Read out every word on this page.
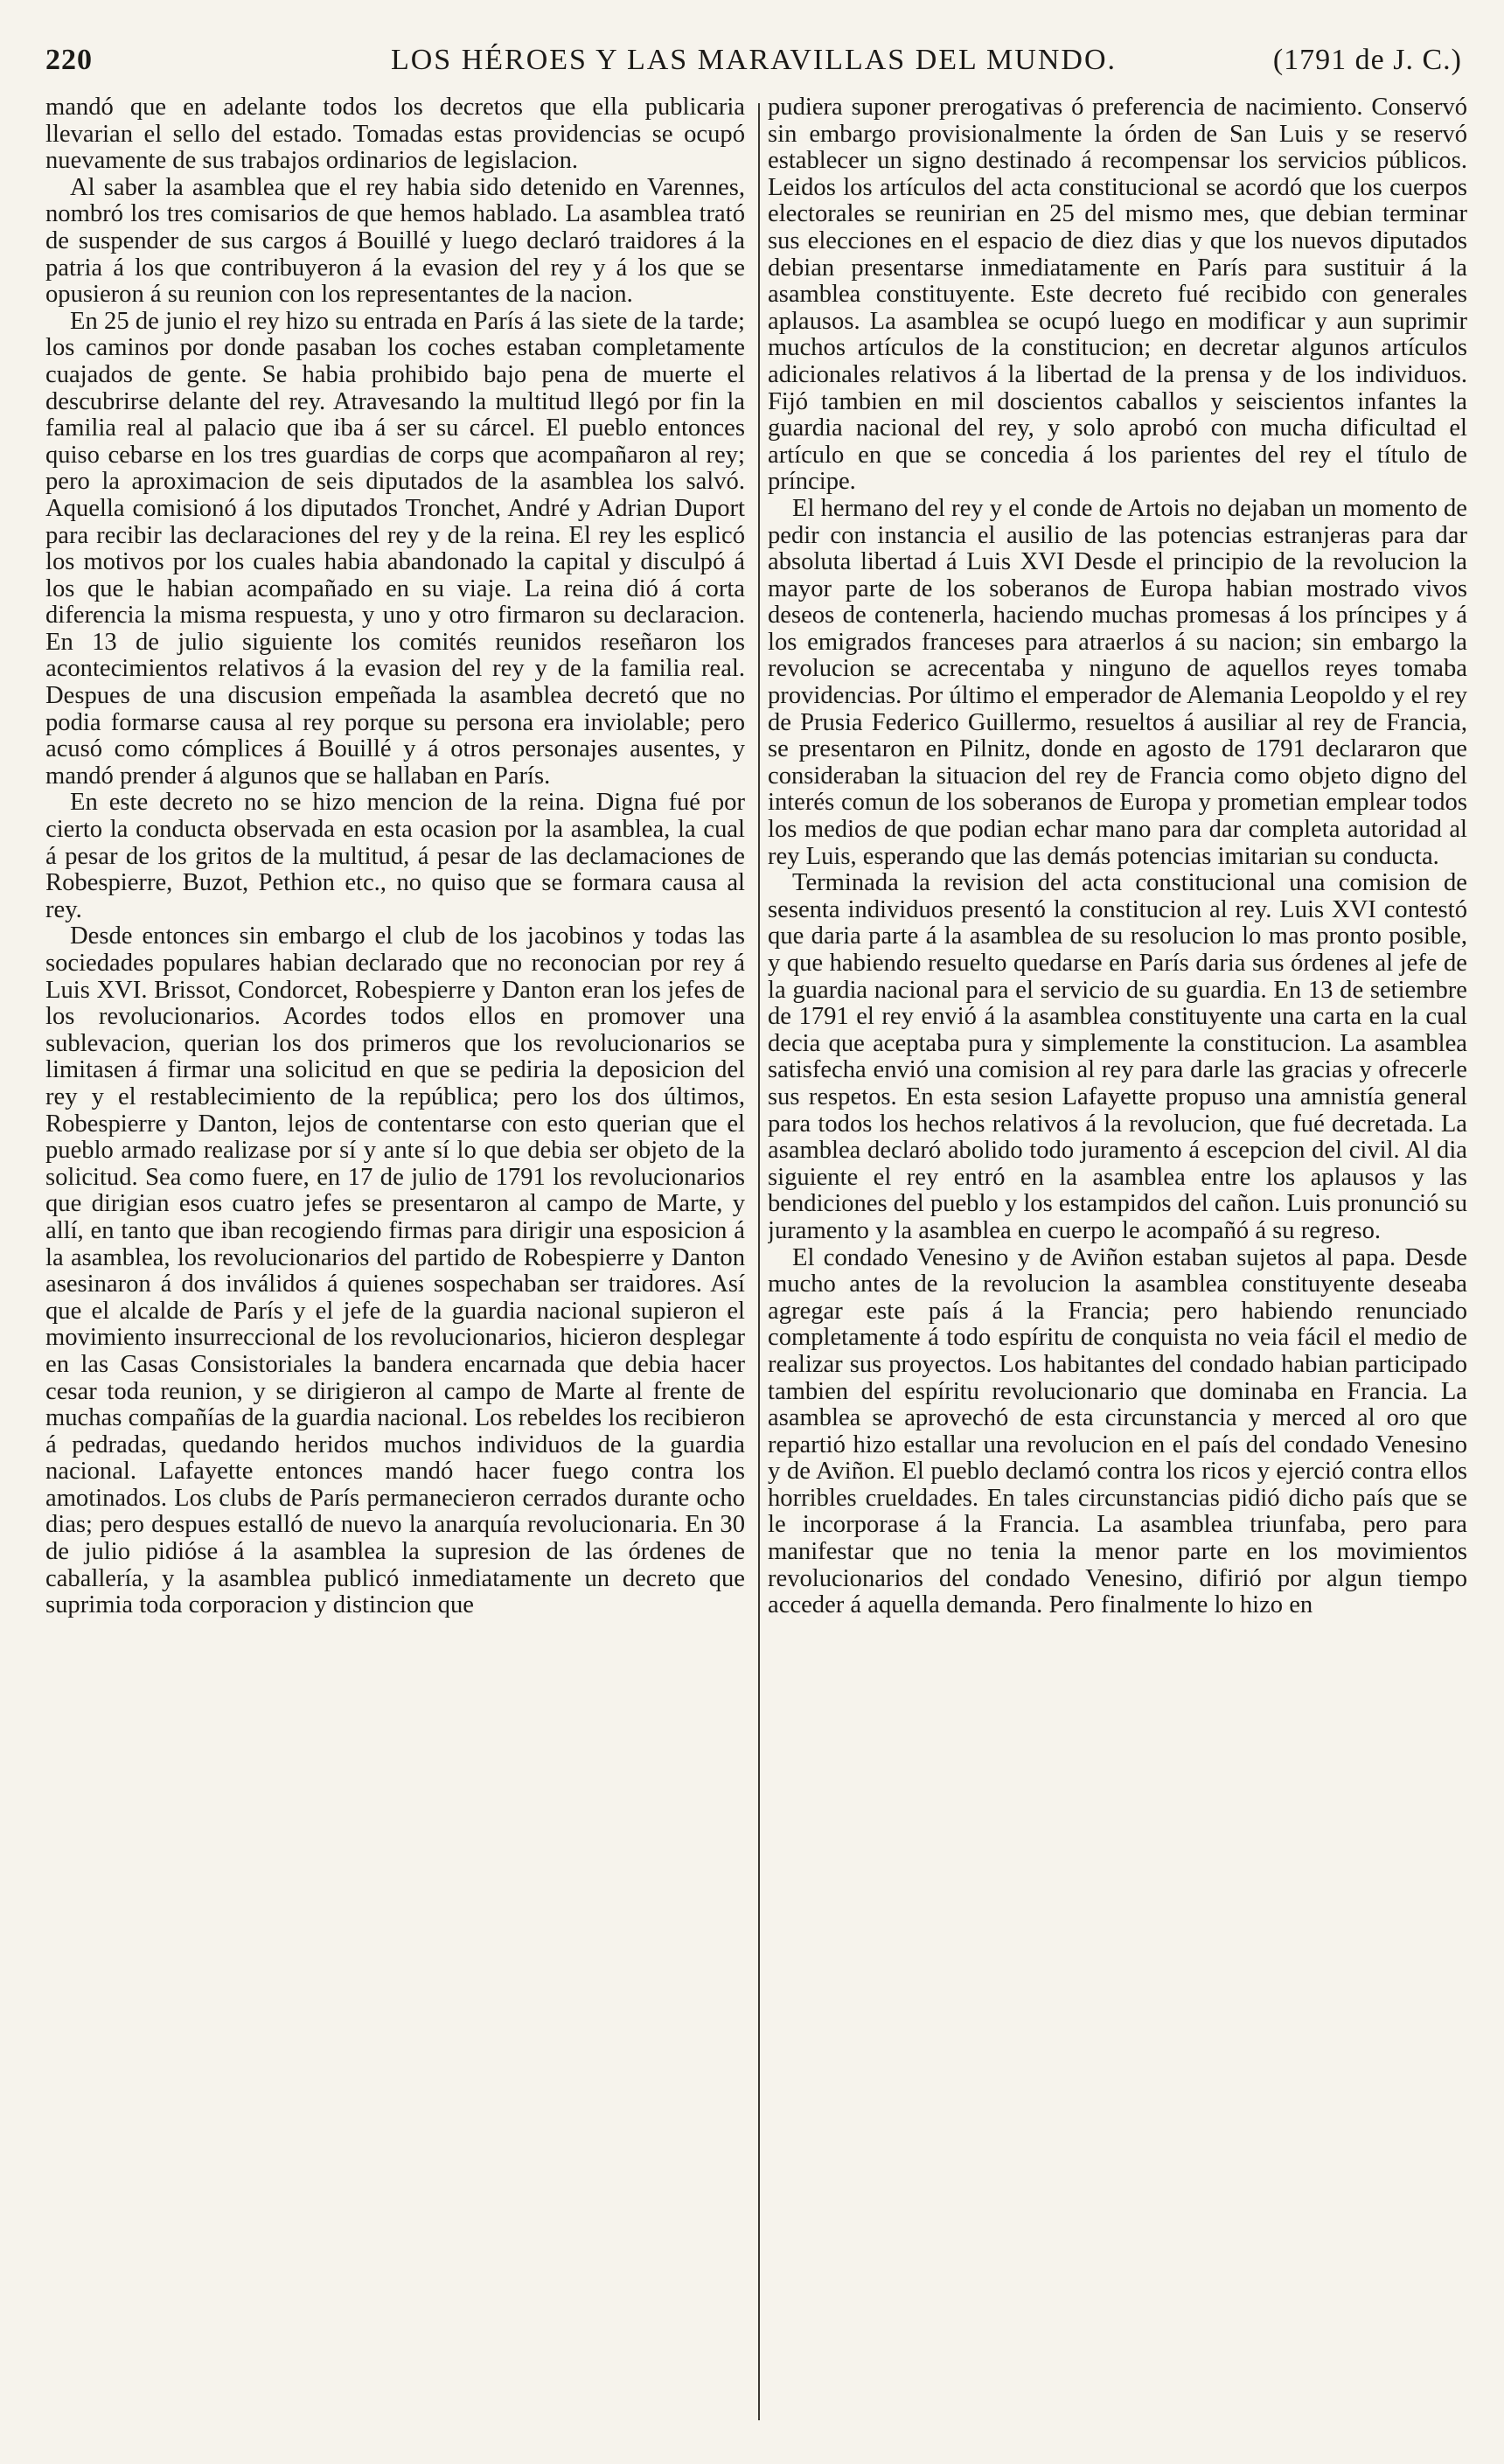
220	LOS HÉROES Y LAS MARAVILLAS DEL MUNDO.	(1791 de J. C.)

mandó que en adelante todos los decretos que ella publicaria llevarian el sello del estado. Tomadas estas providencias se ocupó nuevamente de sus trabajos ordinarios de legislacion.

Al saber la asamblea que el rey habia sido detenido en Varennes, nombró los tres comisarios de que hemos hablado. La asamblea trató de suspender de sus cargos á Bouillé y luego declaró traidores á la patria á los que contribuyeron á la evasion del rey y á los que se opusieron á su reunion con los representantes de la nacion.

En 25 de junio el rey hizo su entrada en París á las siete de la tarde; los caminos por donde pasaban los coches estaban completamente cuajados de gente. Se habia prohibido bajo pena de muerte el descubrirse delante del rey. Atravesando la multitud llegó por fin la familia real al palacio que iba á ser su cárcel. El pueblo entonces quiso cebarse en los tres guardias de corps que acompañaron al rey; pero la aproximacion de seis diputados de la asamblea los salvó. Aquella comisionó á los diputados Tronchet, André y Adrian Duport para recibir las declaraciones del rey y de la reina. El rey les esplicó los motivos por los cuales habia abandonado la capital y disculpó á los que le habian acompañado en su viaje. La reina dió á corta diferencia la misma respuesta, y uno y otro firmaron su declaracion. En 13 de julio siguiente los comités reunidos reseñaron los acontecimientos relativos á la evasion del rey y de la familia real. Despues de una discusion empeñada la asamblea decretó que no podia formarse causa al rey porque su persona era inviolable; pero acusó como cómplices á Bouillé y á otros personajes ausentes, y mandó prender á algunos que se hallaban en París.

En este decreto no se hizo mencion de la reina. Digna fué por cierto la conducta observada en esta ocasion por la asamblea, la cual á pesar de los gritos de la multitud, á pesar de las declamaciones de Robespierre, Buzot, Pethion etc., no quiso que se formara causa al rey.

Desde entonces sin embargo el club de los jacobinos y todas las sociedades populares habian declarado que no reconocian por rey á Luis XVI. Brissot, Condorcet, Robespierre y Danton eran los jefes de los revolucionarios. Acordes todos ellos en promover una sublevacion, querian los dos primeros que los revolucionarios se limitasen á firmar una solicitud en que se pediria la deposicion del rey y el restablecimiento de la república; pero los dos últimos, Robespierre y Danton, lejos de contentarse con esto querian que el pueblo armado realizase por sí y ante sí lo que debia ser objeto de la solicitud. Sea como fuere, en 17 de julio de 1791 los revolucionarios que dirigian esos cuatro jefes se presentaron al campo de Marte, y allí, en tanto que iban recogiendo firmas para dirigir una esposicion á la asamblea, los revolucionarios del partido de Robespierre y Danton asesinaron á dos inválidos á quienes sospechaban ser traidores. Así que el alcalde de París y el jefe de la guardia nacional supieron el movimiento insurreccional de los revolucionarios, hicieron desplegar en las Casas Consistoriales la bandera encarnada que debia hacer cesar toda reunion, y se dirigieron al campo de Marte al frente de muchas compañías de la guardia nacional. Los rebeldes los recibieron á pedradas, quedando heridos muchos individuos de la guardia nacional. Lafayette entonces mandó hacer fuego contra los amotinados. Los clubs de París permanecieron cerrados durante ocho dias; pero despues estalló de nuevo la anarquía revolucionaria. En 30 de julio pidióse á la asamblea la supresion de las órdenes de caballería, y la asamblea publicó inmediatamente un decreto que suprimia toda corporacion y distincion que

pudiera suponer prerogativas ó preferencia de nacimiento. Conservó sin embargo provisionalmente la órden de San Luis y se reservó establecer un signo destinado á recompensar los servicios públicos. Leidos los artículos del acta constitucional se acordó que los cuerpos electorales se reunirian en 25 del mismo mes, que debian terminar sus elecciones en el espacio de diez dias y que los nuevos diputados debian presentarse inmediatamente en París para sustituir á la asamblea constituyente. Este decreto fué recibido con generales aplausos. La asamblea se ocupó luego en modificar y aun suprimir muchos artículos de la constitucion; en decretar algunos artículos adicionales relativos á la libertad de la prensa y de los individuos. Fijó tambien en mil doscientos caballos y seiscientos infantes la guardia nacional del rey, y solo aprobó con mucha dificultad el artículo en que se concedia á los parientes del rey el título de príncipe.

El hermano del rey y el conde de Artois no dejaban un momento de pedir con instancia el ausilio de las potencias estranjeras para dar absoluta libertad á Luis XVI Desde el principio de la revolucion la mayor parte de los soberanos de Europa habian mostrado vivos deseos de contenerla, haciendo muchas promesas á los príncipes y á los emigrados franceses para atraerlos á su nacion; sin embargo la revolucion se acrecentaba y ninguno de aquellos reyes tomaba providencias. Por último el emperador de Alemania Leopoldo y el rey de Prusia Federico Guillermo, resueltos á ausiliar al rey de Francia, se presentaron en Pilnitz, donde en agosto de 1791 declararon que consideraban la situacion del rey de Francia como objeto digno del interés comun de los soberanos de Europa y prometian emplear todos los medios de que podian echar mano para dar completa autoridad al rey Luis, esperando que las demás potencias imitarian su conducta.

Terminada la revision del acta constitucional una comision de sesenta individuos presentó la constitucion al rey. Luis XVI contestó que daria parte á la asamblea de su resolucion lo mas pronto posible, y que habiendo resuelto quedarse en París daria sus órdenes al jefe de la guardia nacional para el servicio de su guardia. En 13 de setiembre de 1791 el rey envió á la asamblea constituyente una carta en la cual decia que aceptaba pura y simplemente la constitucion. La asamblea satisfecha envió una comision al rey para darle las gracias y ofrecerle sus respetos. En esta sesion Lafayette propuso una amnistía general para todos los hechos relativos á la revolucion, que fué decretada. La asamblea declaró abolido todo juramento á escepcion del civil. Al dia siguiente el rey entró en la asamblea entre los aplausos y las bendiciones del pueblo y los estampidos del cañon. Luis pronunció su juramento y la asamblea en cuerpo le acompañó á su regreso.

El condado Venesino y de Aviñon estaban sujetos al papa. Desde mucho antes de la revolucion la asamblea constituyente deseaba agregar este país á la Francia; pero habiendo renunciado completamente á todo espíritu de conquista no veia fácil el medio de realizar sus proyectos. Los habitantes del condado habian participado tambien del espíritu revolucionario que dominaba en Francia. La asamblea se aprovechó de esta circunstancia y merced al oro que repartió hizo estallar una revolucion en el país del condado Venesino y de Aviñon. El pueblo declamó contra los ricos y ejerció contra ellos horribles crueldades. En tales circunstancias pidió dicho país que se le incorporase á la Francia. La asamblea triunfaba, pero para manifestar que no tenia la menor parte en los movimientos revolucionarios del condado Venesino, difirió por algun tiempo acceder á aquella demanda. Pero finalmente lo hizo en
